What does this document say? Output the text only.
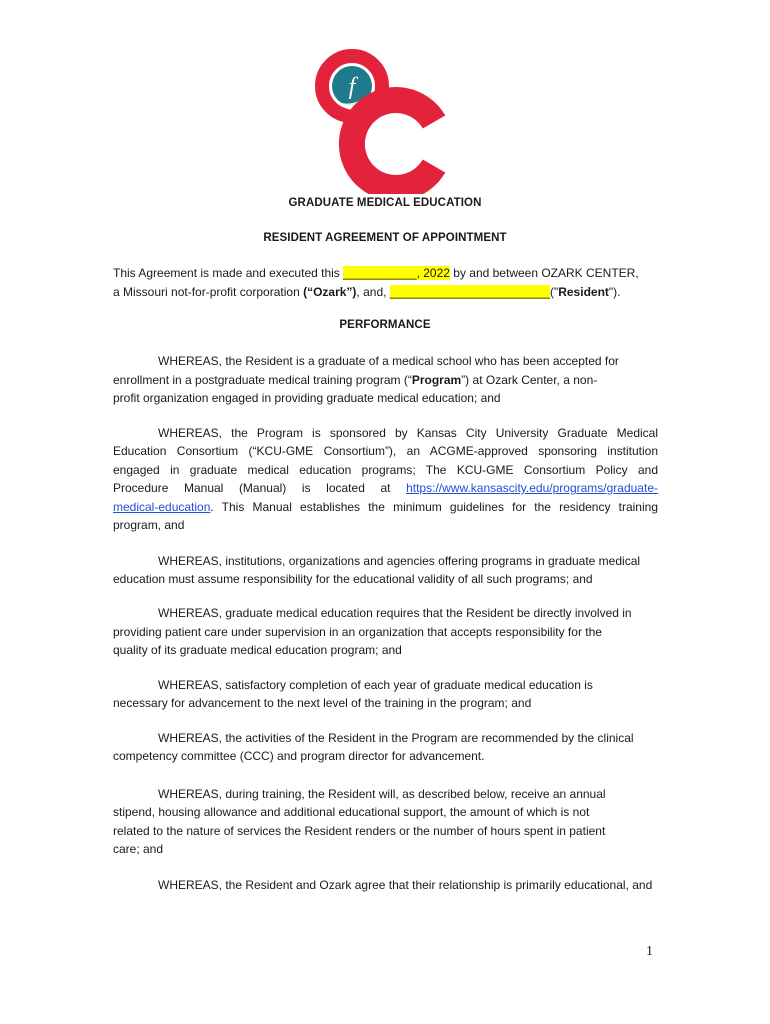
f
GRADUATE MEDICAL EDUCATION
RESIDENT AGREEMENT OF APPOINTMENT
This Agreement is made and executed this ___________, 2022 by and between OZARK CENTER,
a Missouri not-for-profit corporation (“Ozark”), and, ________________________("Resident").
PERFORMANCE
WHEREAS, the Resident is a graduate of a medical school who has been accepted for
enrollment in a postgraduate medical training program (“Program”) at Ozark Center, a non-
profit organization engaged in providing graduate medical education; and
WHEREAS, the Program is sponsored by Kansas City University Graduate Medical
Education Consortium (“KCU-GME Consortium”), an ACGME-approved sponsoring institution
engaged in graduate medical education programs; The KCU-GME Consortium Policy and
Procedure Manual (Manual) is located at https://www.kansascity.edu/programs/graduate-
medical-education. This Manual establishes the minimum guidelines for the residency training
program, and
WHEREAS, institutions, organizations and agencies offering programs in graduate medical
education must assume responsibility for the educational validity of all such programs; and
WHEREAS, graduate medical education requires that the Resident be directly involved in
providing patient care under supervision in an organization that accepts responsibility for the
quality of its graduate medical education program; and
WHEREAS, satisfactory completion of each year of graduate medical education is
necessary for advancement to the next level of the training in the program; and
WHEREAS, the activities of the Resident in the Program are recommended by the clinical
competency committee (CCC) and program director for advancement.
WHEREAS, during training, the Resident will, as described below, receive an annual
stipend, housing allowance and additional educational support, the amount of which is not
related to the nature of services the Resident renders or the number of hours spent in patient
care; and
WHEREAS, the Resident and Ozark agree that their relationship is primarily educational, and
1
